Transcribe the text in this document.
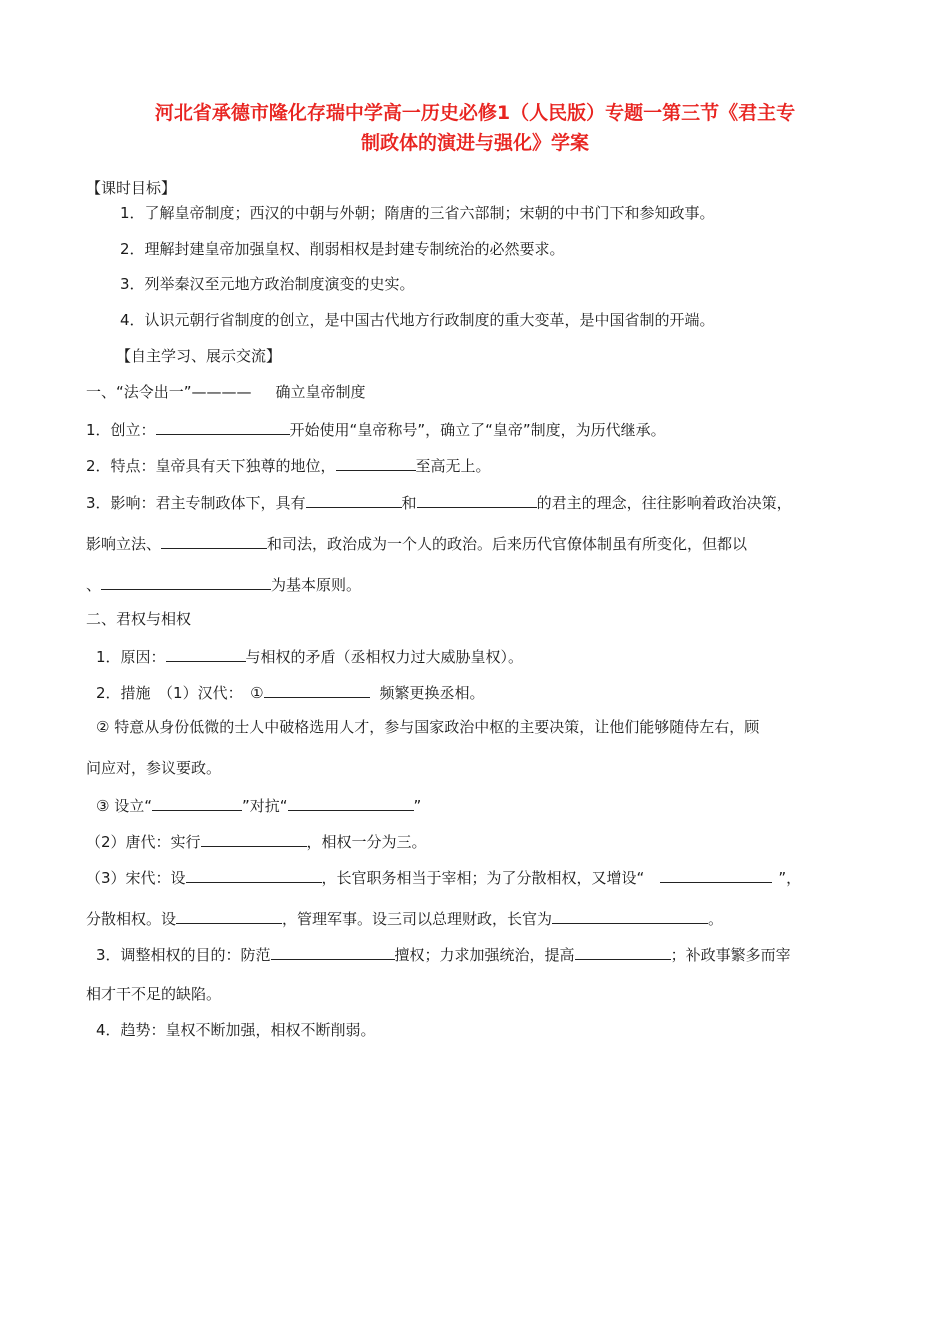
河北省承德市隆化存瑞中学高一历史必修1（人民版）专题一第三节《君主专
制政体的演进与强化》学案
【课时目标】
1．了解皇帝制度；西汉的中朝与外朝；隋唐的三省六部制；宋朝的中书门下和参知政事。
2．理解封建皇帝加强皇权、削弱相权是封建专制统治的必然要求。
3．列举秦汉至元地方政治制度演变的史实。
4．认识元朝行省制度的创立，是中国古代地方行政制度的重大变革，是中国省制的开端。
【自主学习、展示交流】
一、“法令出一”———— 确立皇帝制度
1．创立：	开始使用“皇帝称号”，确立了“皇帝”制度，为历代继承。
2．特点：皇帝具有天下独尊的地位，	至高无上。
3．影响：君主专制政体下，具有	和	的君主的理念，往往影响着政治决策，
影响立法、	和司法，政治成为一个人的政治。后来历代官僚体制虽有所变化，但都以
、	为基本原则。
二、君权与相权
1．原因：	与相权的矛盾（丞相权力过大威胁皇权）。
2．措施　（1）汉代：　①	频繁更换丞相。
② 特意从身份低微的士人中破格选用人才，参与国家政治中枢的主要决策，让他们能够随侍左右，顾
问应对，参议要政。
③ 设立“	”对抗“	”
（2）唐代：实行	，相权一分为三。
（3）宋代：设	，长官职务相当于宰相；为了分散相权，又增设“	”，
分散相权。设	，管理军事。设三司以总理财政，长官为	。
3．调整相权的目的：防范	擅权；力求加强统治，提高	；补政事繁多而宰
相才干不足的缺陷。
4．趋势：皇权不断加强，相权不断削弱。
